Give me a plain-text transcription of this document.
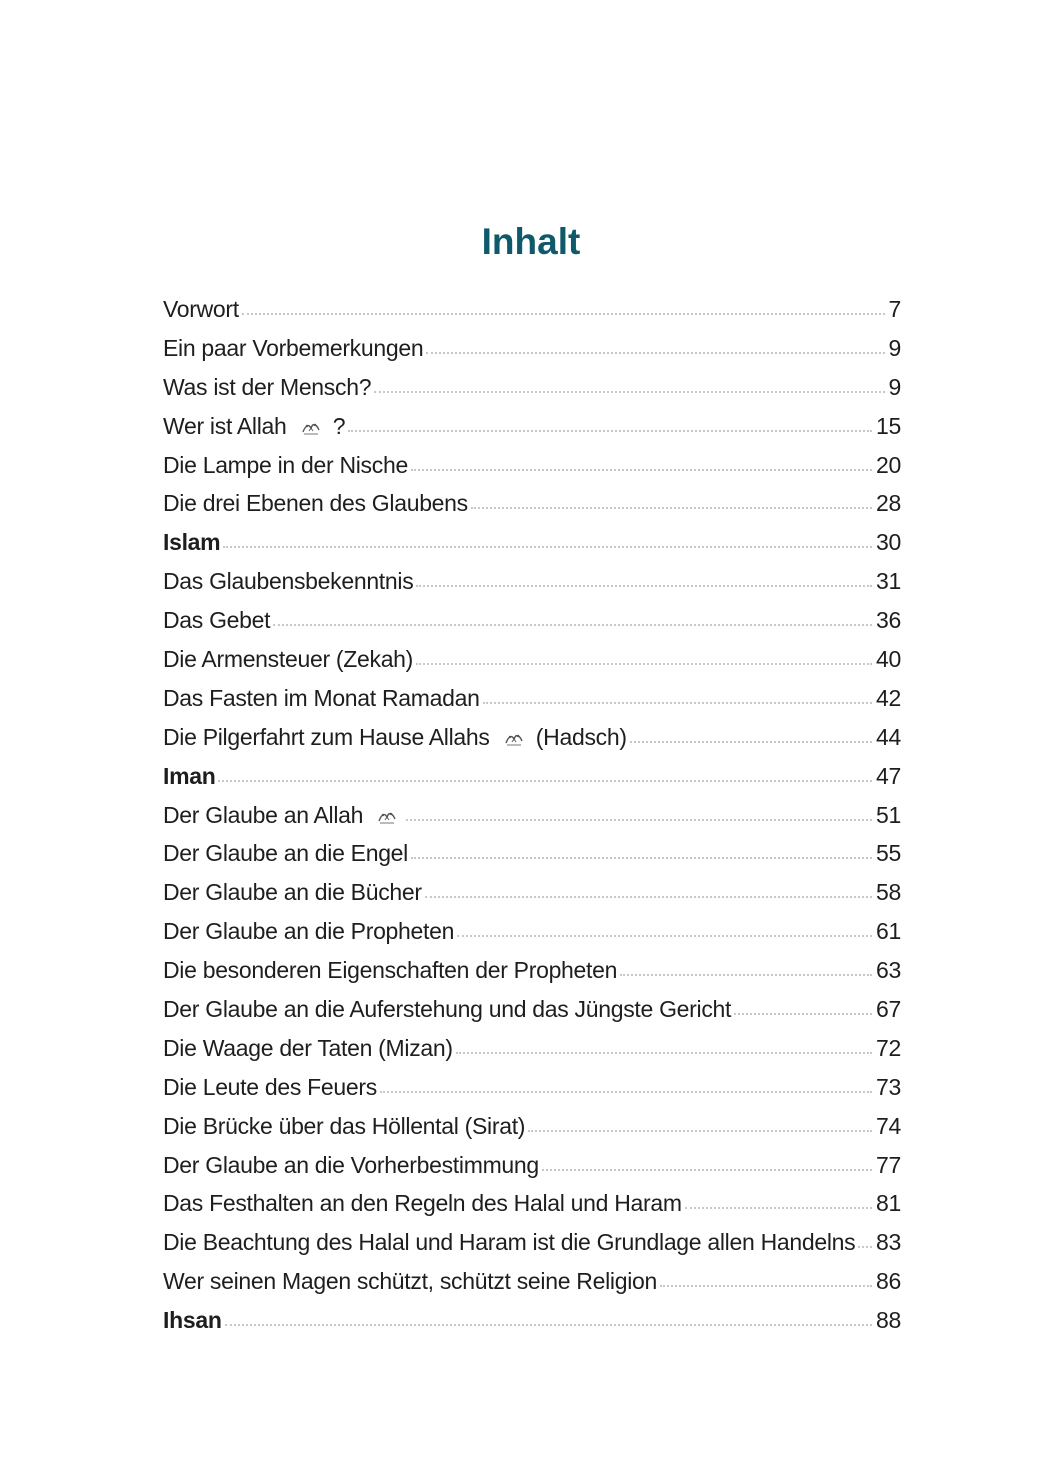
Inhalt
Vorwort	7
Ein paar Vorbemerkungen	9
Was ist der Mensch?	9
Wer ist Allah ?	15
Die Lampe in der Nische	20
Die drei Ebenen des Glaubens	28
Islam	30
Das Glaubensbekenntnis	31
Das Gebet	36
Die Armensteuer (Zekah)	40
Das Fasten im Monat Ramadan	42
Die Pilgerfahrt zum Hause Allahs (Hadsch)	44
Iman	47
Der Glaube an Allah	51
Der Glaube an die Engel	55
Der Glaube an die Bücher	58
Der Glaube an die Propheten	61
Die besonderen Eigenschaften der Propheten	63
Der Glaube an die Auferstehung und das Jüngste Gericht	67
Die Waage der Taten (Mizan)	72
Die Leute des Feuers	73
Die Brücke über das Höllental (Sirat)	74
Der Glaube an die Vorherbestimmung	77
Das Festhalten an den Regeln des Halal und Haram	81
Die Beachtung des Halal und Haram ist die Grundlage allen Handelns 83
Wer seinen Magen schützt, schützt seine Religion	86
Ihsan	88
